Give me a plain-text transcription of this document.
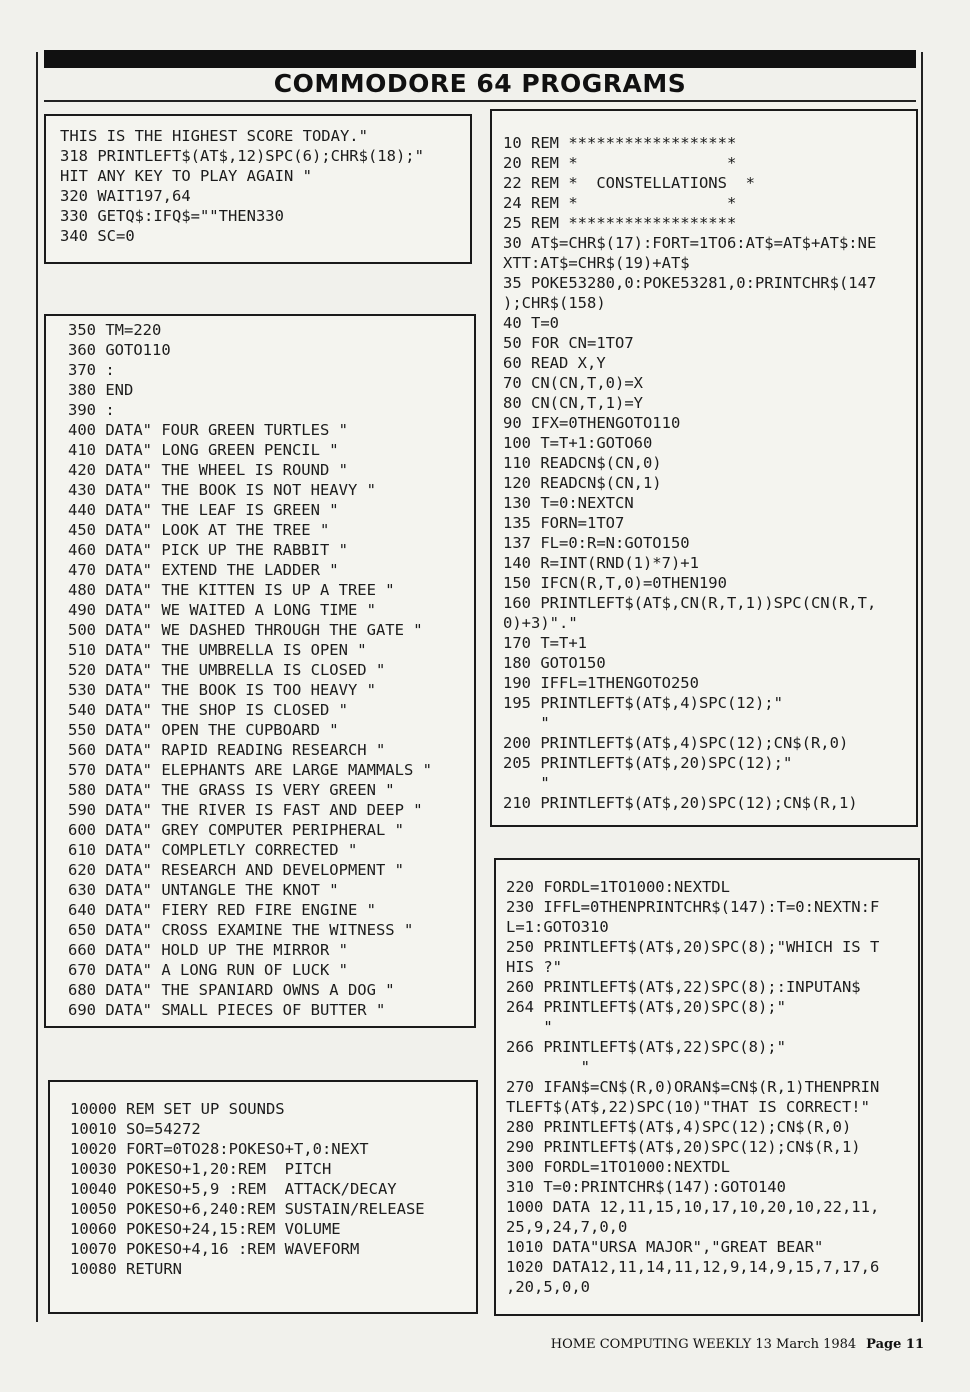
COMMODORE 64 PROGRAMS
THIS IS THE HIGHEST SCORE TODAY."
318 PRINTLEFT$(AT$,12)SPC(6);CHR$(18);"
HIT ANY KEY TO PLAY AGAIN "
320 WAIT197,64
330 GETQ$:IFQ$=""THEN330
340 SC=0
350 TM=220
360 GOTO110
370 :
380 END
390 :
400 DATA" FOUR GREEN TURTLES "
410 DATA" LONG GREEN PENCIL "
420 DATA" THE WHEEL IS ROUND "
430 DATA" THE BOOK IS NOT HEAVY "
440 DATA" THE LEAF IS GREEN "
450 DATA" LOOK AT THE TREE "
460 DATA" PICK UP THE RABBIT "
470 DATA" EXTEND THE LADDER "
480 DATA" THE KITTEN IS UP A TREE "
490 DATA" WE WAITED A LONG TIME "
500 DATA" WE DASHED THROUGH THE GATE "
510 DATA" THE UMBRELLA IS OPEN "
520 DATA" THE UMBRELLA IS CLOSED "
530 DATA" THE BOOK IS TOO HEAVY "
540 DATA" THE SHOP IS CLOSED "
550 DATA" OPEN THE CUPBOARD "
560 DATA" RAPID READING RESEARCH "
570 DATA" ELEPHANTS ARE LARGE MAMMALS "
580 DATA" THE GRASS IS VERY GREEN "
590 DATA" THE RIVER IS FAST AND DEEP "
600 DATA" GREY COMPUTER PERIPHERAL "
610 DATA" COMPLETLY CORRECTED "
620 DATA" RESEARCH AND DEVELOPMENT "
630 DATA" UNTANGLE THE KNOT "
640 DATA" FIERY RED FIRE ENGINE "
650 DATA" CROSS EXAMINE THE WITNESS "
660 DATA" HOLD UP THE MIRROR "
670 DATA" A LONG RUN OF LUCK "
680 DATA" THE SPANIARD OWNS A DOG "
690 DATA" SMALL PIECES OF BUTTER "
10000 REM SET UP SOUNDS
10010 SO=54272
10020 FORT=0TO28:POKESO+T,0:NEXT
10030 POKESO+1,20:REM  PITCH
10040 POKESO+5,9 :REM  ATTACK/DECAY
10050 POKESO+6,240:REM SUSTAIN/RELEASE
10060 POKESO+24,15:REM VOLUME
10070 POKESO+4,16 :REM WAVEFORM
10080 RETURN
10 REM ******************
20 REM *                *
22 REM *  CONSTELLATIONS  *
24 REM *                *
25 REM ******************
30 AT$=CHR$(17):FORT=1TO6:AT$=AT$+AT$:NE
XTT:AT$=CHR$(19)+AT$
35 POKE53280,0:POKE53281,0:PRINTCHR$(147
);CHR$(158)
40 T=0
50 FOR CN=1TO7
60 READ X,Y
70 CN(CN,T,0)=X
80 CN(CN,T,1)=Y
90 IFX=0THENGOTO110
100 T=T+1:GOTO60
110 READCN$(CN,0)
120 READCN$(CN,1)
130 T=0:NEXTCN
135 FORN=1TO7
137 FL=0:R=N:GOTO150
140 R=INT(RND(1)*7)+1
150 IFCN(R,T,0)=0THEN190
160 PRINTLEFT$(AT$,CN(R,T,1))SPC(CN(R,T,
0)+3)"."
170 T=T+1
180 GOTO150
190 IFFL=1THENGOTO250
195 PRINTLEFT$(AT$,4)SPC(12);"
"
200 PRINTLEFT$(AT$,4)SPC(12);CN$(R,0)
205 PRINTLEFT$(AT$,20)SPC(12);"
"
210 PRINTLEFT$(AT$,20)SPC(12);CN$(R,1)
220 FORDL=1TO1000:NEXTDL
230 IFFL=0THENPRINTCHR$(147):T=0:NEXTN:F
L=1:GOTO310
250 PRINTLEFT$(AT$,20)SPC(8);"WHICH IS T
HIS ?"
260 PRINTLEFT$(AT$,22)SPC(8);:INPUTAN$
264 PRINTLEFT$(AT$,20)SPC(8);"
"
266 PRINTLEFT$(AT$,22)SPC(8);"
"
270 IFAN$=CN$(R,0)ORAN$=CN$(R,1)THENPRIN
TLEFT$(AT$,22)SPC(10)"THAT IS CORRECT!"
280 PRINTLEFT$(AT$,4)SPC(12);CN$(R,0)
290 PRINTLEFT$(AT$,20)SPC(12);CN$(R,1)
300 FORDL=1TO1000:NEXTDL
310 T=0:PRINTCHR$(147):GOTO140
1000 DATA 12,11,15,10,17,10,20,10,22,11,
25,9,24,7,0,0
1010 DATA"URSA MAJOR","GREAT BEAR"
1020 DATA12,11,14,11,12,9,14,9,15,7,17,6
,20,5,0,0
HOME COMPUTING WEEKLY 13 March 1984 Page 11
